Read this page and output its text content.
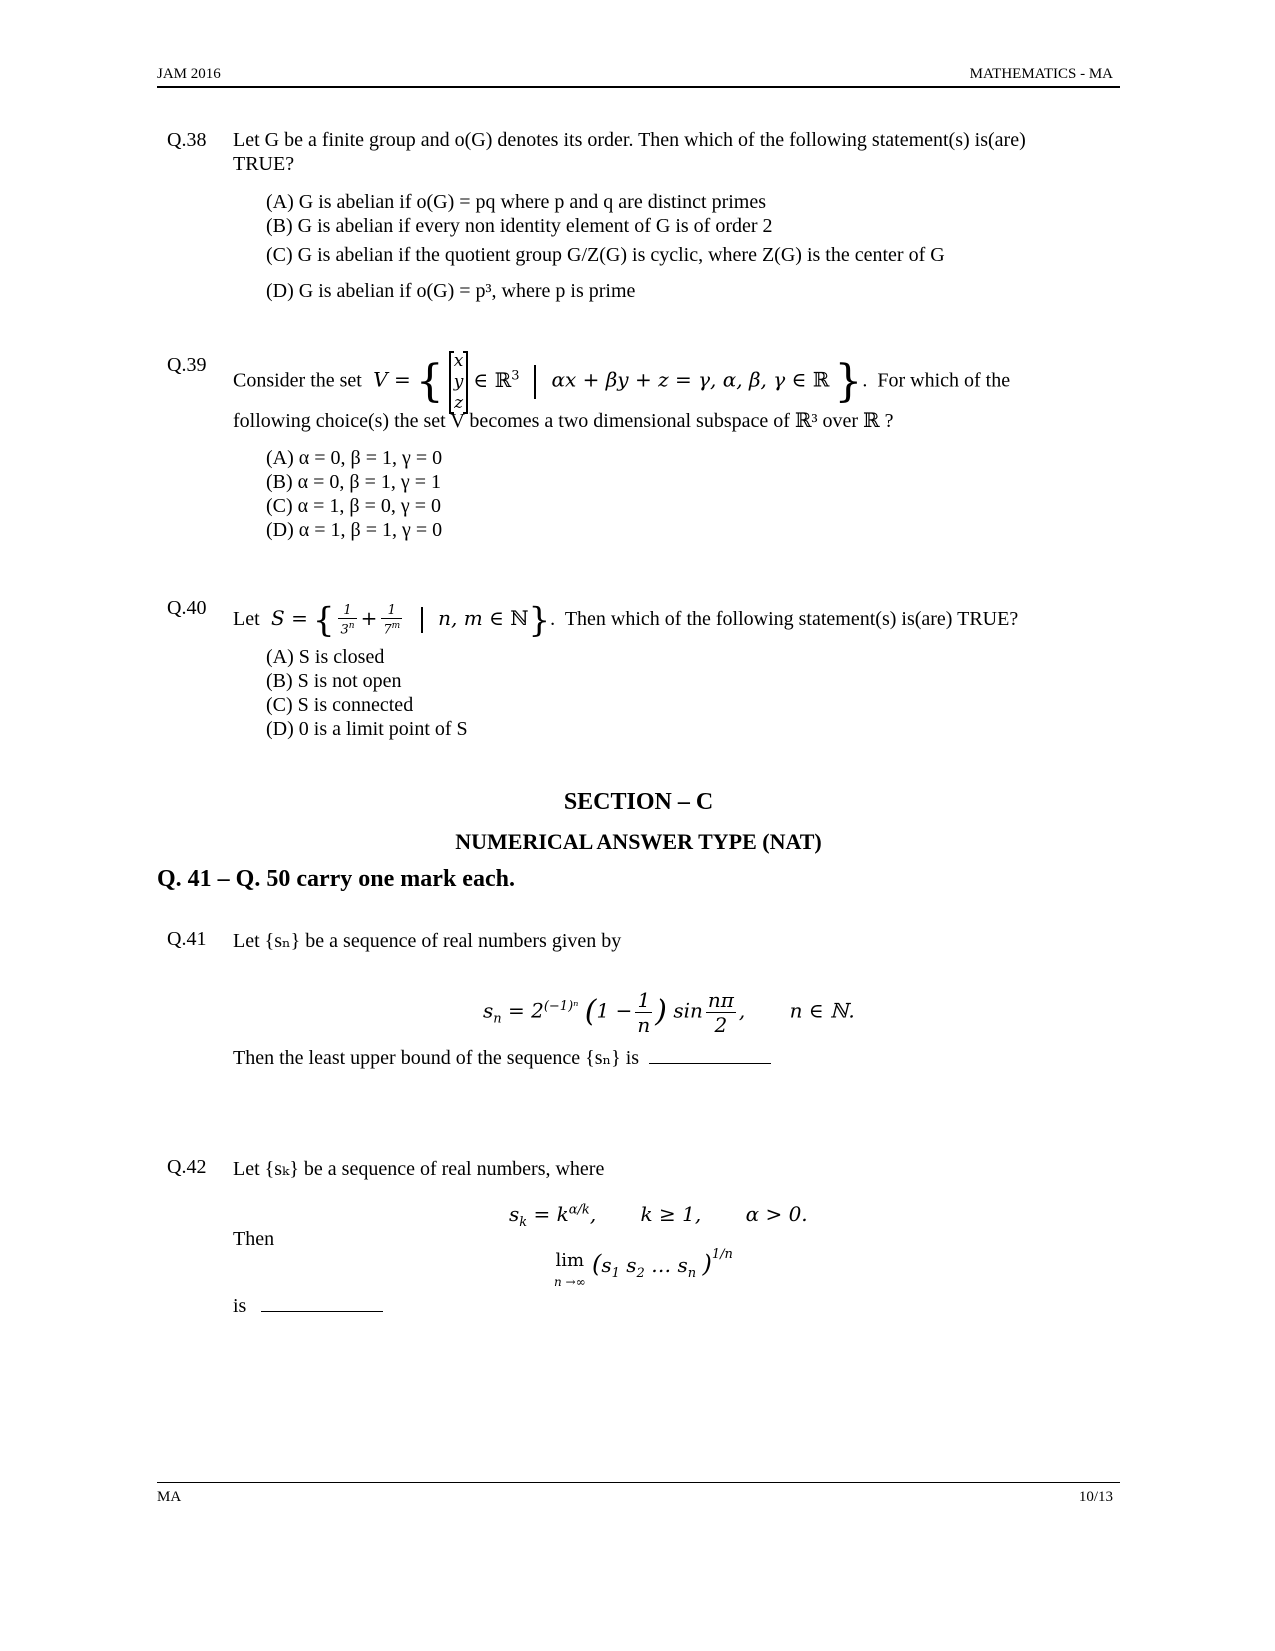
JAM 2016	MATHEMATICS - MA
Q.38 Let G be a finite group and o(G) denotes its order. Then which of the following statement(s) is(are)
TRUE?
(A) G is abelian if o(G) = pq where p and q are distinct primes
(B) G is abelian if every non identity element of G is of order 2
(C) G is abelian if the quotient group G/Z(G) is cyclic, where Z(G) is the center of G
(D) G is abelian if o(G) = p³, where p is prime
Q.39
Consider the set  V = { x
y
z ∈ ℝ$^3$ αx + βy + z = γ, α, β, γ ∈ ℝ }.  For which of the
following choice(s) the set V becomes a two dimensional subspace of ℝ³ over ℝ ?
(A) α = 0, β = 1, γ = 0
(B) α = 0, β = 1, γ = 1
(C) α = 1, β = 0, γ = 0
(D) α = 1, β = 1, γ = 0
Q.40 Let  S = { $\frac{1}{3^n} + \frac{1}{7^m} n$, m ∈ ℕ}.  Then which of the following statement(s) is(are) TRUE?
(A) S is closed
(B) S is not open
(C) S is connected
(D) 0 is a limit point of S
SECTION – C
NUMERICAL ANSWER TYPE (NAT)
Q. 41 – Q. 50 carry one mark each.
Q.41 Let {sₙ} be a sequence of real numbers given by
$s_n = 2^{(-1)^n}$ ($1 - \frac{1}{n}$ ) $\sin \frac{n\pi}{2}$ , n ∈ ℕ.
Then the least upper bound of the sequence {sₙ} is
Q.42 Let {sₖ} be a sequence of real numbers, where
$s_k = k^{\alpha/k}$, k ≥ 1, α > 0.
Then
lim
n →∞ ($s_1$ $s_2$ … $s_n$ )$^{1/n}$
is
MA	10/13
